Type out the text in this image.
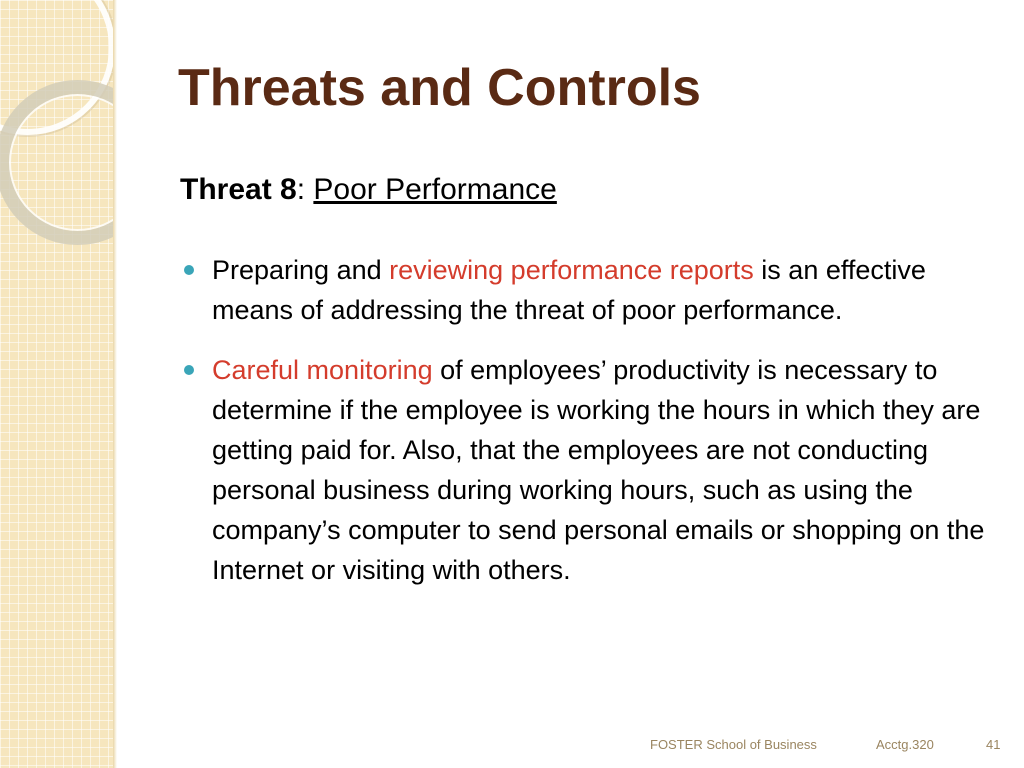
Threats and Controls
Threat 8: Poor Performance
Preparing and reviewing performance reports is an effective means of addressing the threat of poor performance.
Careful monitoring of employees’ productivity is necessary to determine if the employee is working the hours in which they are getting paid for. Also, that the employees are not conducting personal business during working hours, such as using the company’s computer to send personal emails or shopping on the Internet or visiting with others.
FOSTER School of Business	Acctg.320	41
